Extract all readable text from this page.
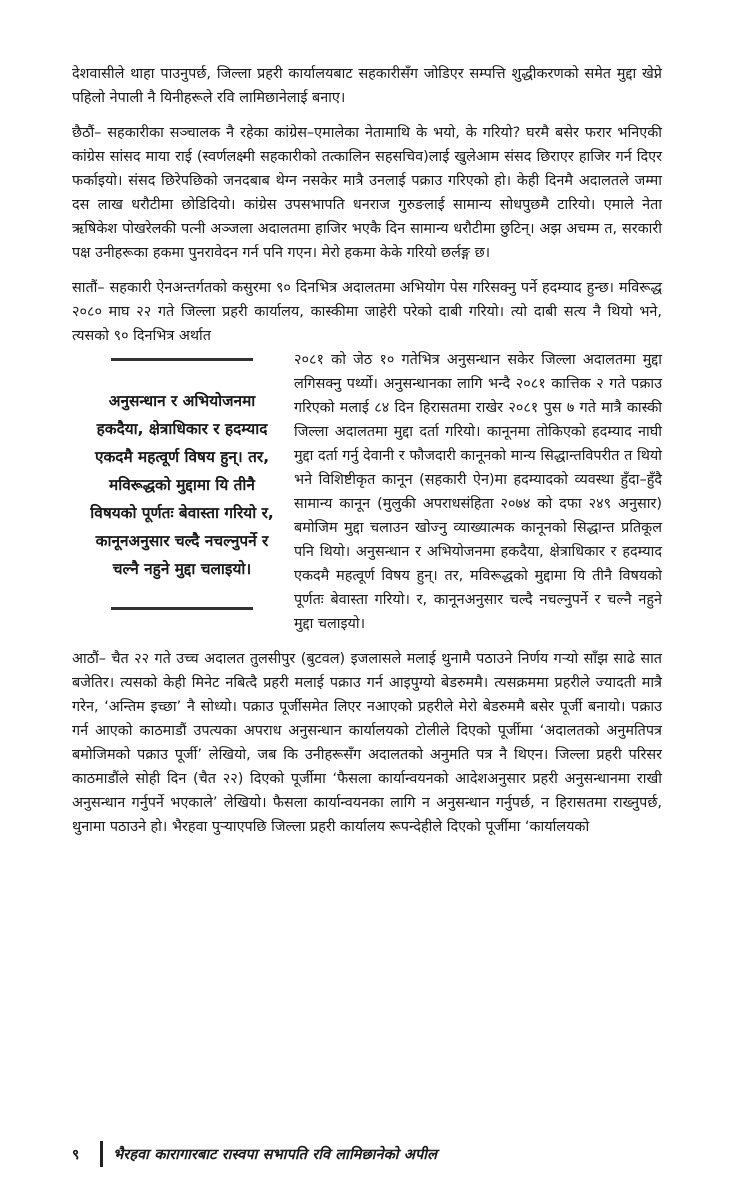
देशवासीले थाहा पाउनुपर्छ, जिल्ला प्रहरी कार्यालयबाट सहकारीसँग जोडिएर सम्पत्ति शुद्धीकरणको समेत मुद्दा खेप्ने पहिलो नेपाली नै यिनीहरूले रवि लामिछानेलाई बनाए।

छैठौं– सहकारीका सञ्चालक नै रहेका कांग्रेस–एमालेका नेतामाथि के भयो, के गरियो? घरमै बसेर फरार भनिएकी कांग्रेस सांसद माया राई (स्वर्णलक्ष्मी सहकारीको तत्कालिन सहसचिव)लाई खुलेआम संसद छिराएर हाजिर गर्न दिएर फर्काइयो। संसद छिरेपछिको जनदबाब थेग्न नसकेर मात्रै उनलाई पक्राउ गरिएको हो। केही दिनमै अदालतले जम्मा दस लाख धरौटीमा छोडिदियो। कांग्रेस उपसभापति धनराज गुरुङलाई सामान्य सोधपुछमै टारियो। एमाले नेता ऋषिकेश पोखरेलकी पत्नी अञ्जला अदालतमा हाजिर भएकै दिन सामान्य धरौटीमा छुटिन्। अझ अचम्म त, सरकारी पक्ष उनीहरूका हकमा पुनरावेदन गर्न पनि गएन। मेरो हकमा केके गरियो छर्लङ्ग छ।

सातौं– सहकारी ऐनअन्तर्गतको कसुरमा ९० दिनभित्र अदालतमा अभियोग पेस गरिसक्नु पर्ने हदम्याद हुन्छ। मविरूद्ध २०८० माघ २२ गते जिल्ला प्रहरी कार्यालय, कास्कीमा जाहेरी परेको दाबी गरियो। त्यो दाबी सत्य नै थियो भने, त्यसको ९० दिनभित्र अर्थात

अनुसन्धान र अभियोजनमा हकदैया, क्षेत्राधिकार र हदम्याद एकदमै महत्वूर्ण विषय हुन्। तर, मविरूद्धको मुद्दामा यि तीनै विषयको पूर्णतः बेवास्ता गरियो र, कानूनअनुसार चल्दै नचल्नुपर्ने र चल्नै नहुने मुद्दा चलाइयो।

२०८१ को जेठ १० गतेभित्र अनुसन्धान सकेर जिल्ला अदालतमा मुद्दा लगिसक्नु पर्थ्यो। अनुसन्धानका लागि भन्दै २०८१ कात्तिक २ गते पक्राउ गरिएको मलाई ८४ दिन हिरासतमा राखेर २०८१ पुस ७ गते मात्रै कास्की जिल्ला अदालतमा मुद्दा दर्ता गरियो। कानूनमा तोकिएको हदम्याद नाघी मुद्दा दर्ता गर्नु देवानी र फौजदारी कानूनको मान्य सिद्धान्तविपरीत त थियो भने विशिष्टीकृत कानून (सहकारी ऐन)मा हदम्यादको व्यवस्था हुँदा–हुँदै सामान्य कानून (मुलुकी अपराधसंहिता २०७४ को दफा २४९ अनुसार) बमोजिम मुद्दा चलाउन खोज्नु व्याख्यात्मक कानूनको सिद्धान्त प्रतिकूल पनि थियो। अनुसन्धान र अभियोजनमा हकदैया, क्षेत्राधिकार र हदम्याद एकदमै महत्वूर्ण विषय हुन्। तर, मविरूद्धको मुद्दामा यि तीनै विषयको पूर्णतः बेवास्ता गरियो। र, कानूनअनुसार चल्दै नचल्नुपर्ने र चल्नै नहुने मुद्दा चलाइयो।

आठौं– चैत २२ गते उच्च अदालत तुलसीपुर (बुटवल) इजलासले मलाई थुनामै पठाउने निर्णय गऱ्यो साँझ साढे सात बजेतिर। त्यसको केही मिनेट नबित्दै प्रहरी मलाई पक्राउ गर्न आइपुग्यो बेडरुममै। त्यसक्रममा प्रहरीले ज्यादती मात्रै गरेन, ‘अन्तिम इच्छा’ नै सोध्यो। पक्राउ पूर्जीसमेत लिएर नआएको प्रहरीले मेरो बेडरुममै बसेर पूर्जी बनायो। पक्राउ गर्न आएको काठमाडौं उपत्यका अपराध अनुसन्धान कार्यालयको टोलीले दिएको पूर्जीमा ‘अदालतको अनुमतिपत्र बमोजिमको पक्राउ पूर्जी’ लेखियो, जब कि उनीहरूसँग अदालतको अनुमति पत्र नै थिएन। जिल्ला प्रहरी परिसर काठमाडौंले सोही दिन (चैत २२) दिएको पूर्जीमा ‘फैसला कार्यान्वयनको आदेशअनुसार प्रहरी अनुसन्धानमा राखी अनुसन्धान गर्नुपर्ने भएकाले’ लेखियो। फैसला कार्यान्वयनका लागि न अनुसन्धान गर्नुपर्छ, न हिरासतमा राख्नुपर्छ, थुनामा पठाउने हो। भैरहवा पुऱ्याएपछि जिल्ला प्रहरी कार्यालय रूपन्देहीले दिएको पूर्जीमा ‘कार्यालयको

९	भैरहवा कारागारबाट रास्वपा सभापति रवि लामिछानेको अपील
